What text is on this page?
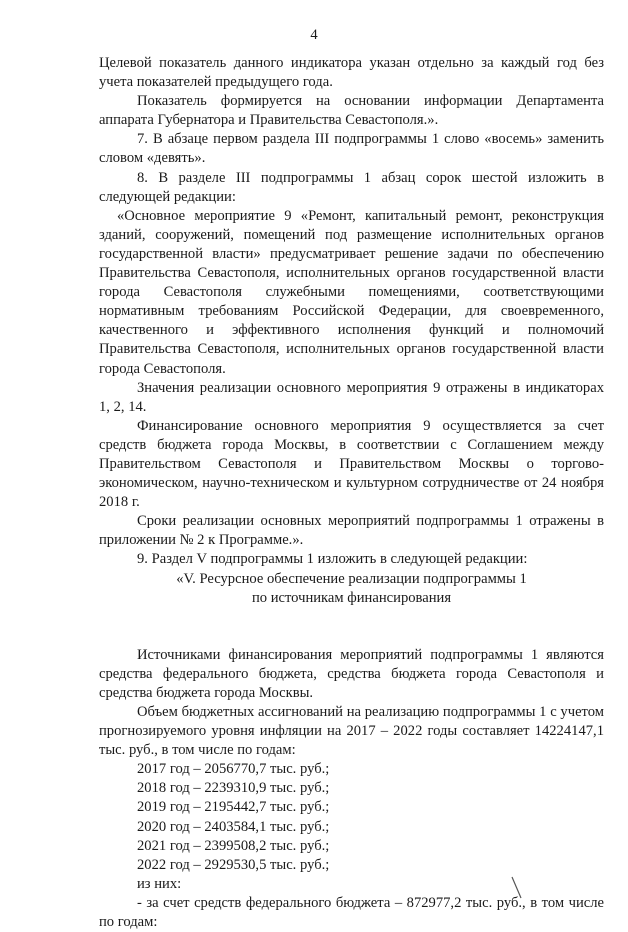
4

Целевой показатель данного индикатора указан отдельно за каждый год без учета показателей предыдущего года.

Показатель формируется на основании информации Департамента аппарата Губернатора и Правительства Севастополя.».

7. В абзаце первом раздела III подпрограммы 1 слово «восемь» заменить словом «девять».

8. В разделе III подпрограммы 1 абзац сорок шестой изложить в следующей редакции:

«Основное мероприятие 9 «Ремонт, капитальный ремонт, реконструкция зданий, сооружений, помещений под размещение исполнительных органов государственной власти» предусматривает решение задачи по обеспечению Правительства Севастополя, исполнительных органов государственной власти города Севастополя служебными помещениями, соответствующими нормативным требованиям Российской Федерации, для своевременного, качественного и эффективного исполнения функций и полномочий Правительства Севастополя, исполнительных органов государственной власти города Севастополя.

Значения реализации основного мероприятия 9 отражены в индикаторах 1, 2, 14.

Финансирование основного мероприятия 9 осуществляется за счет средств бюджета города Москвы, в соответствии с Соглашением между Правительством Севастополя и Правительством Москвы о торгово-экономическом, научно-техническом и культурном сотрудничестве от 24 ноября 2018 г.

Сроки реализации основных мероприятий подпрограммы 1 отражены в приложении № 2 к Программе.».

9. Раздел V подпрограммы 1 изложить в следующей редакции:

«V. Ресурсное обеспечение реализации подпрограммы 1

по источникам финансирования

Источниками финансирования мероприятий подпрограммы 1 являются средства федерального бюджета, средства бюджета города Севастополя и средства бюджета города Москвы.

Объем бюджетных ассигнований на реализацию подпрограммы 1 с учетом прогнозируемого уровня инфляции на 2017 – 2022 годы составляет 14224147,1 тыс. руб., в том числе по годам:

2017 год – 2056770,7 тыс. руб.;

2018 год – 2239310,9 тыс. руб.;

2019 год – 2195442,7 тыс. руб.;

2020 год – 2403584,1 тыс. руб.;

2021 год – 2399508,2 тыс. руб.;

2022 год – 2929530,5 тыс. руб.;

из них:

- за счет средств федерального бюджета – 872977,2 тыс. руб., в том числе по годам:
